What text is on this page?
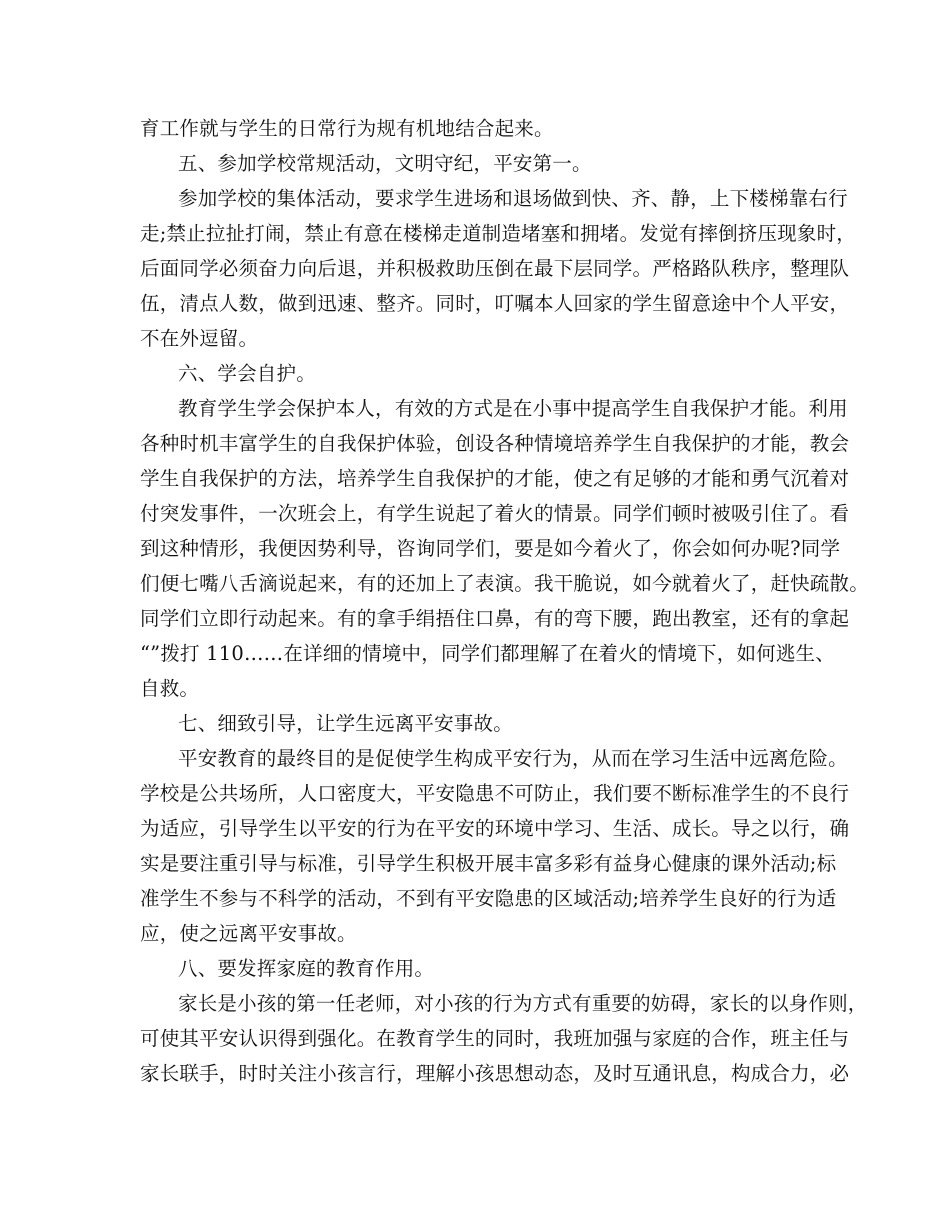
育工作就与学生的日常行为规有机地结合起来。
五、参加学校常规活动，文明守纪，平安第一。
参加学校的集体活动，要求学生进场和退场做到快、齐、静，上下楼梯靠右行
走;禁止拉扯打闹，禁止有意在楼梯走道制造堵塞和拥堵。发觉有摔倒挤压现象时，
后面同学必须奋力向后退，并积极救助压倒在最下层同学。严格路队秩序，整理队
伍，清点人数，做到迅速、整齐。同时，叮嘱本人回家的学生留意途中个人平安，
不在外逗留。
六、学会自护。
教育学生学会保护本人，有效的方式是在小事中提高学生自我保护才能。利用
各种时机丰富学生的自我保护体验，创设各种情境培养学生自我保护的才能，教会
学生自我保护的方法，培养学生自我保护的才能，使之有足够的才能和勇气沉着对
付突发事件，一次班会上，有学生说起了着火的情景。同学们顿时被吸引住了。看
到这种情形，我便因势利导，咨询同学们，要是如今着火了，你会如何办呢?同学
们便七嘴八舌滴说起来，有的还加上了表演。我干脆说，如今就着火了，赶快疏散。
同学们立即行动起来。有的拿手绢捂住口鼻，有的弯下腰，跑出教室，还有的拿起
“”拨打 110……在详细的情境中，同学们都理解了在着火的情境下，如何逃生、
自救。
七、细致引导，让学生远离平安事故。
平安教育的最终目的是促使学生构成平安行为，从而在学习生活中远离危险。
学校是公共场所，人口密度大，平安隐患不可防止，我们要不断标准学生的不良行
为适应，引导学生以平安的行为在平安的环境中学习、生活、成长。导之以行，确
实是要注重引导与标准，引导学生积极开展丰富多彩有益身心健康的课外活动;标
准学生不参与不科学的活动，不到有平安隐患的区域活动;培养学生良好的行为适
应，使之远离平安事故。
八、要发挥家庭的教育作用。
家长是小孩的第一任老师，对小孩的行为方式有重要的妨碍，家长的以身作则，
可使其平安认识得到强化。在教育学生的同时，我班加强与家庭的合作，班主任与
家长联手，时时关注小孩言行，理解小孩思想动态，及时互通讯息，构成合力，必
